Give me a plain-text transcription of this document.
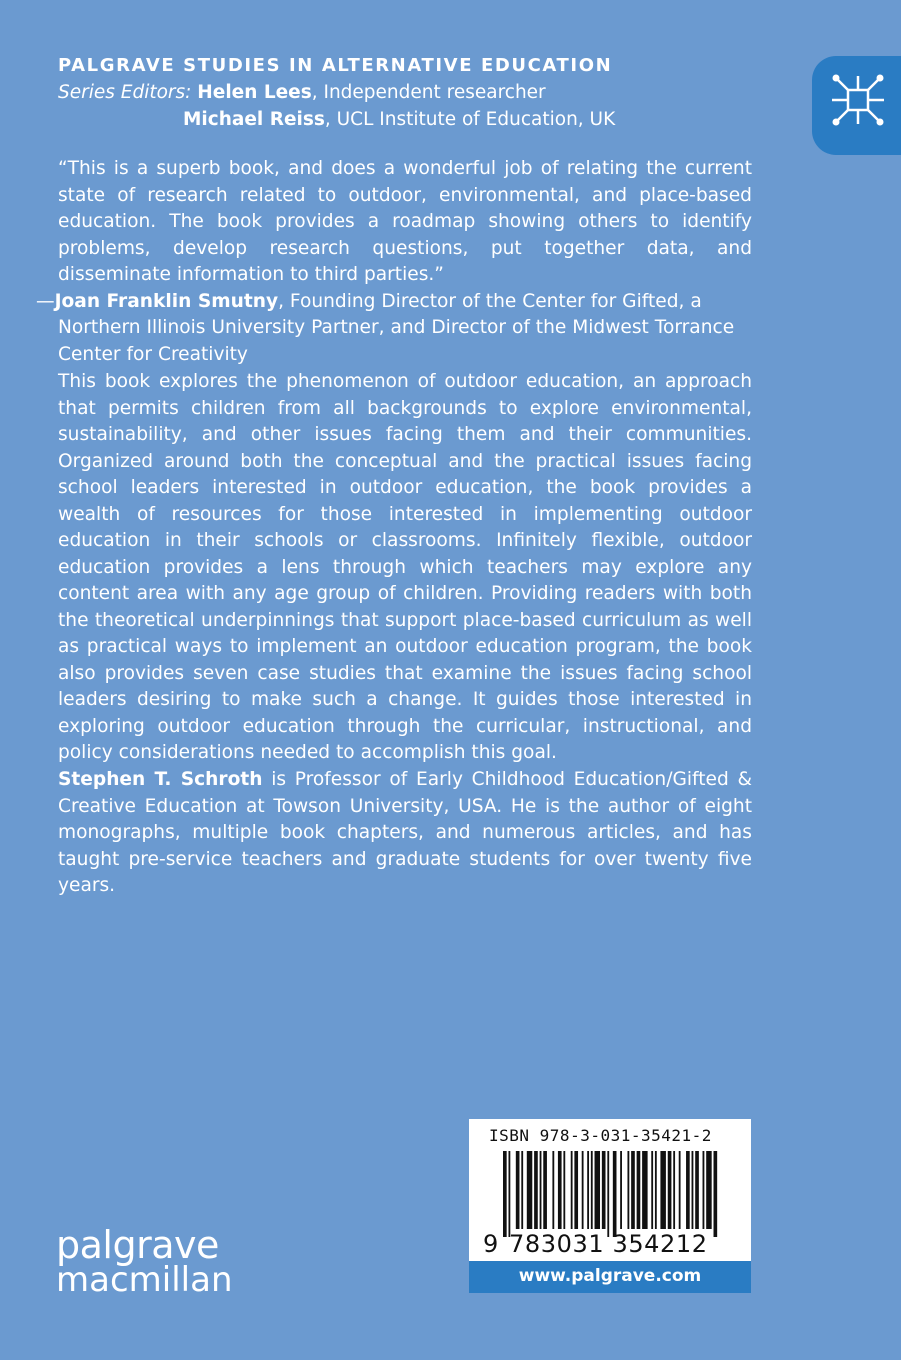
PALGRAVE STUDIES IN ALTERNATIVE EDUCATION
Series Editors: Helen Lees, Independent researcher
Michael Reiss, UCL Institute of Education, UK

“This is a superb book, and does a wonderful job of relating the current state of research related to outdoor, environmental, and place-based education. The book provides a roadmap showing others to identify problems, develop research questions, put together data, and disseminate information to third parties.”

—Joan Franklin Smutny, Founding Director of the Center for Gifted, a Northern Illinois University Partner, and Director of the Midwest Torrance Center for Creativity

This book explores the phenomenon of outdoor education, an approach that permits children from all backgrounds to explore environmental, sustainability, and other issues facing them and their communities. Organized around both the conceptual and the practical issues facing school leaders interested in outdoor education, the book provides a wealth of resources for those interested in implementing outdoor education in their schools or classrooms. Infinitely flexible, outdoor education provides a lens through which teachers may explore any content area with any age group of children. Providing readers with both the theoretical underpinnings that support place-based curriculum as well as practical ways to implement an outdoor education program, the book also provides seven case studies that examine the issues facing school leaders desiring to make such a change. It guides those interested in exploring outdoor education through the curricular, instructional, and policy considerations needed to accomplish this goal.

Stephen T. Schroth is Professor of Early Childhood Education/Gifted & Creative Education at Towson University, USA. He is the author of eight monographs, multiple book chapters, and numerous articles, and has taught pre-service teachers and graduate students for over twenty five years.

palgrave
macmillan
ISBN 978-3-031-35421-2
9 783031 354212
www.palgrave.com
